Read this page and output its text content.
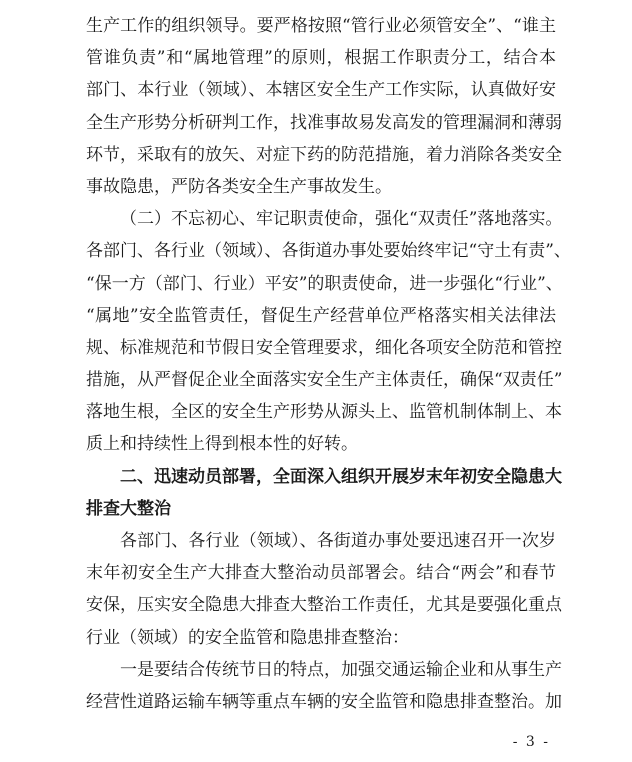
生产工作的组织领导。要严格按照“管行业必须管安全”、“谁主
管谁负责”和“属地管理”的原则，根据工作职责分工，结合本
部门、本行业（领域）、本辖区安全生产工作实际，认真做好安
全生产形势分析研判工作，找准事故易发高发的管理漏洞和薄弱
环节，采取有的放矢、对症下药的防范措施，着力消除各类安全
事故隐患，严防各类安全生产事故发生。
（二）不忘初心、牢记职责使命，强化“双责任”落地落实。
各部门、各行业（领域）、各街道办事处要始终牢记“守土有责”、
“保一方（部门、行业）平安”的职责使命，进一步强化“行业”、
“属地”安全监管责任，督促生产经营单位严格落实相关法律法
规、标准规范和节假日安全管理要求，细化各项安全防范和管控
措施，从严督促企业全面落实安全生产主体责任，确保“双责任”
落地生根，全区的安全生产形势从源头上、监管机制体制上、本
质上和持续性上得到根本性的好转。
二、迅速动员部署，全面深入组织开展岁末年初安全隐患大
排查大整治
各部门、各行业（领域）、各街道办事处要迅速召开一次岁
末年初安全生产大排查大整治动员部署会。结合“两会”和春节
安保，压实安全隐患大排查大整治工作责任，尤其是要强化重点
行业（领域）的安全监管和隐患排查整治：
一是要结合传统节日的特点，加强交通运输企业和从事生产
经营性道路运输车辆等重点车辆的安全监管和隐患排查整治。加
- 3 -
